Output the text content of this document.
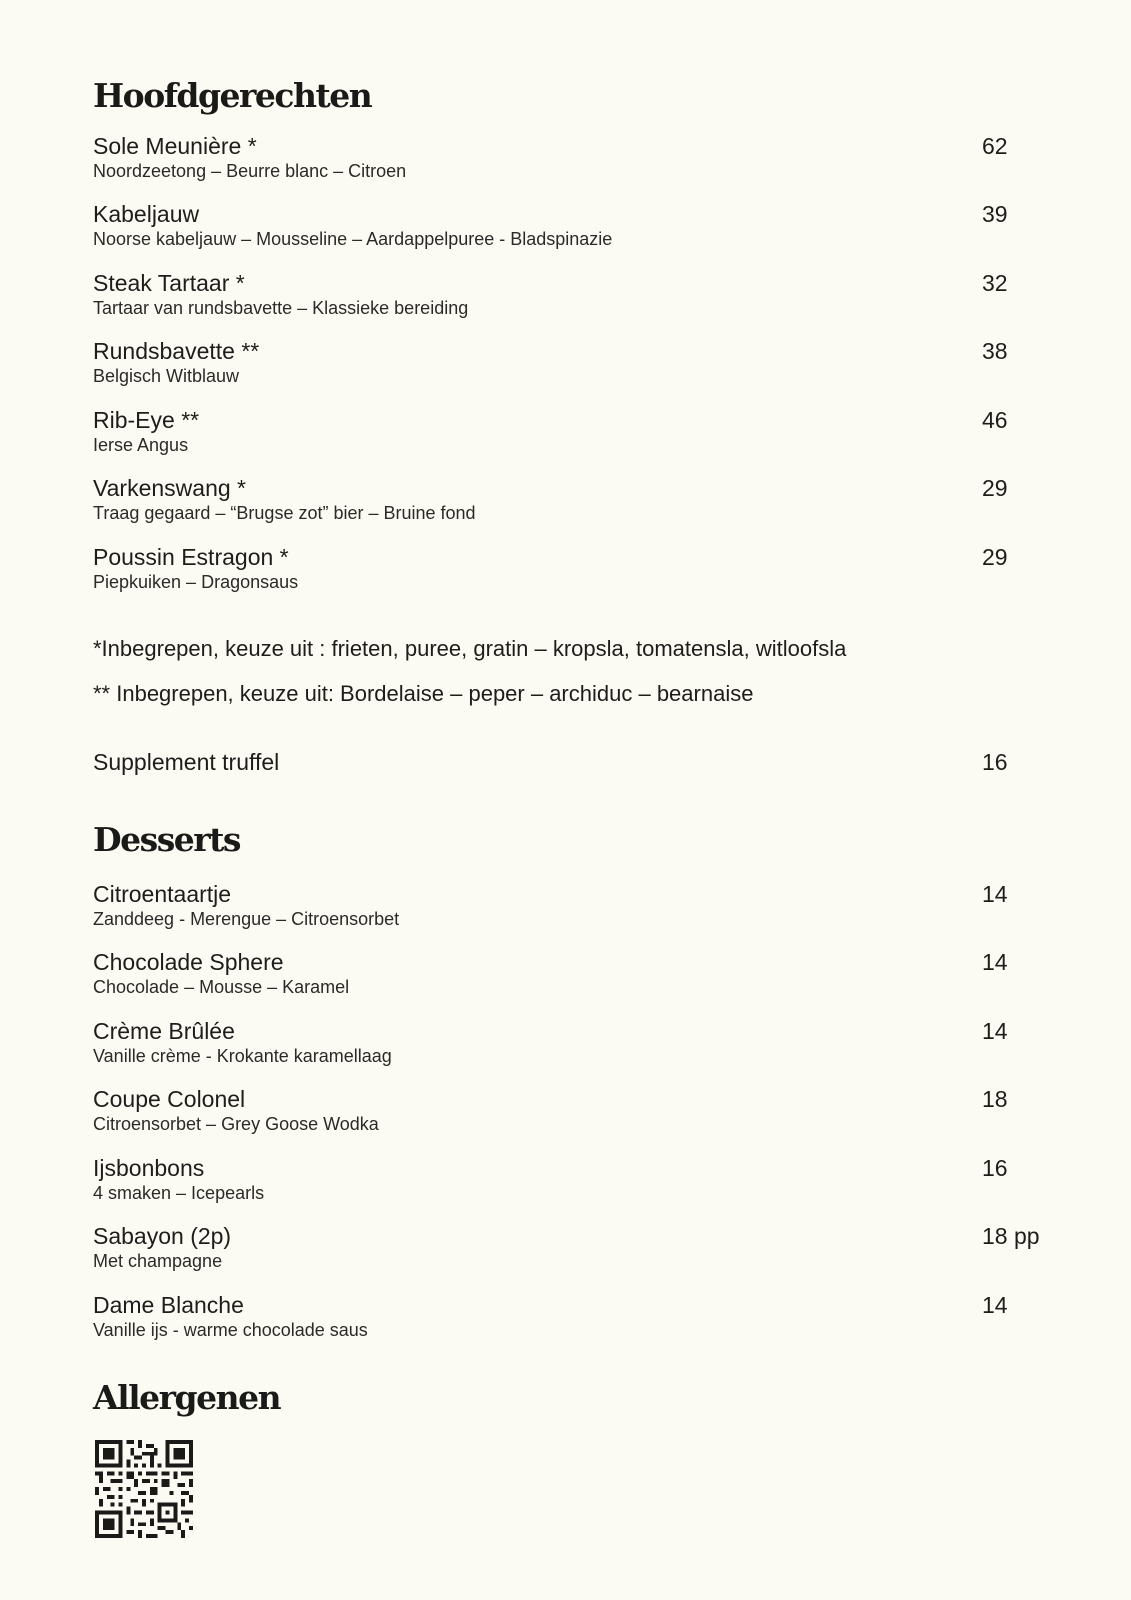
Hoofdgerechten
Sole Meunière *
Noordzeetong – Beurre blanc – Citroen
62
Kabeljauw
Noorse kabeljauw – Mousseline – Aardappelpuree - Bladspinazie
39
Steak Tartaar *
Tartaar van rundsbavette – Klassieke bereiding
32
Rundsbavette **
Belgisch Witblauw
38
Rib-Eye **
Ierse Angus
46
Varkenswang *
Traag gegaard – “Brugse zot” bier – Bruine fond
29
Poussin Estragon *
Piepkuiken – Dragonsaus
29
*Inbegrepen, keuze uit : frieten, puree, gratin – kropsla, tomatensla, witloofsla
** Inbegrepen, keuze uit: Bordelaise – peper – archiduc – bearnaise
Supplement truffel	16
Desserts
Citroentaartje
Zanddeeg - Merengue – Citroensorbet
14
Chocolade Sphere
Chocolade – Mousse – Karamel
14
Crème Brûlée
Vanille crème - Krokante karamellaag
14
Coupe Colonel
Citroensorbet – Grey Goose Wodka
18
Ijsbonbons
4 smaken – Icepearls
16
Sabayon (2p)
Met champagne
18 pp
Dame Blanche
Vanille ijs - warme chocolade saus
14
Allergenen
